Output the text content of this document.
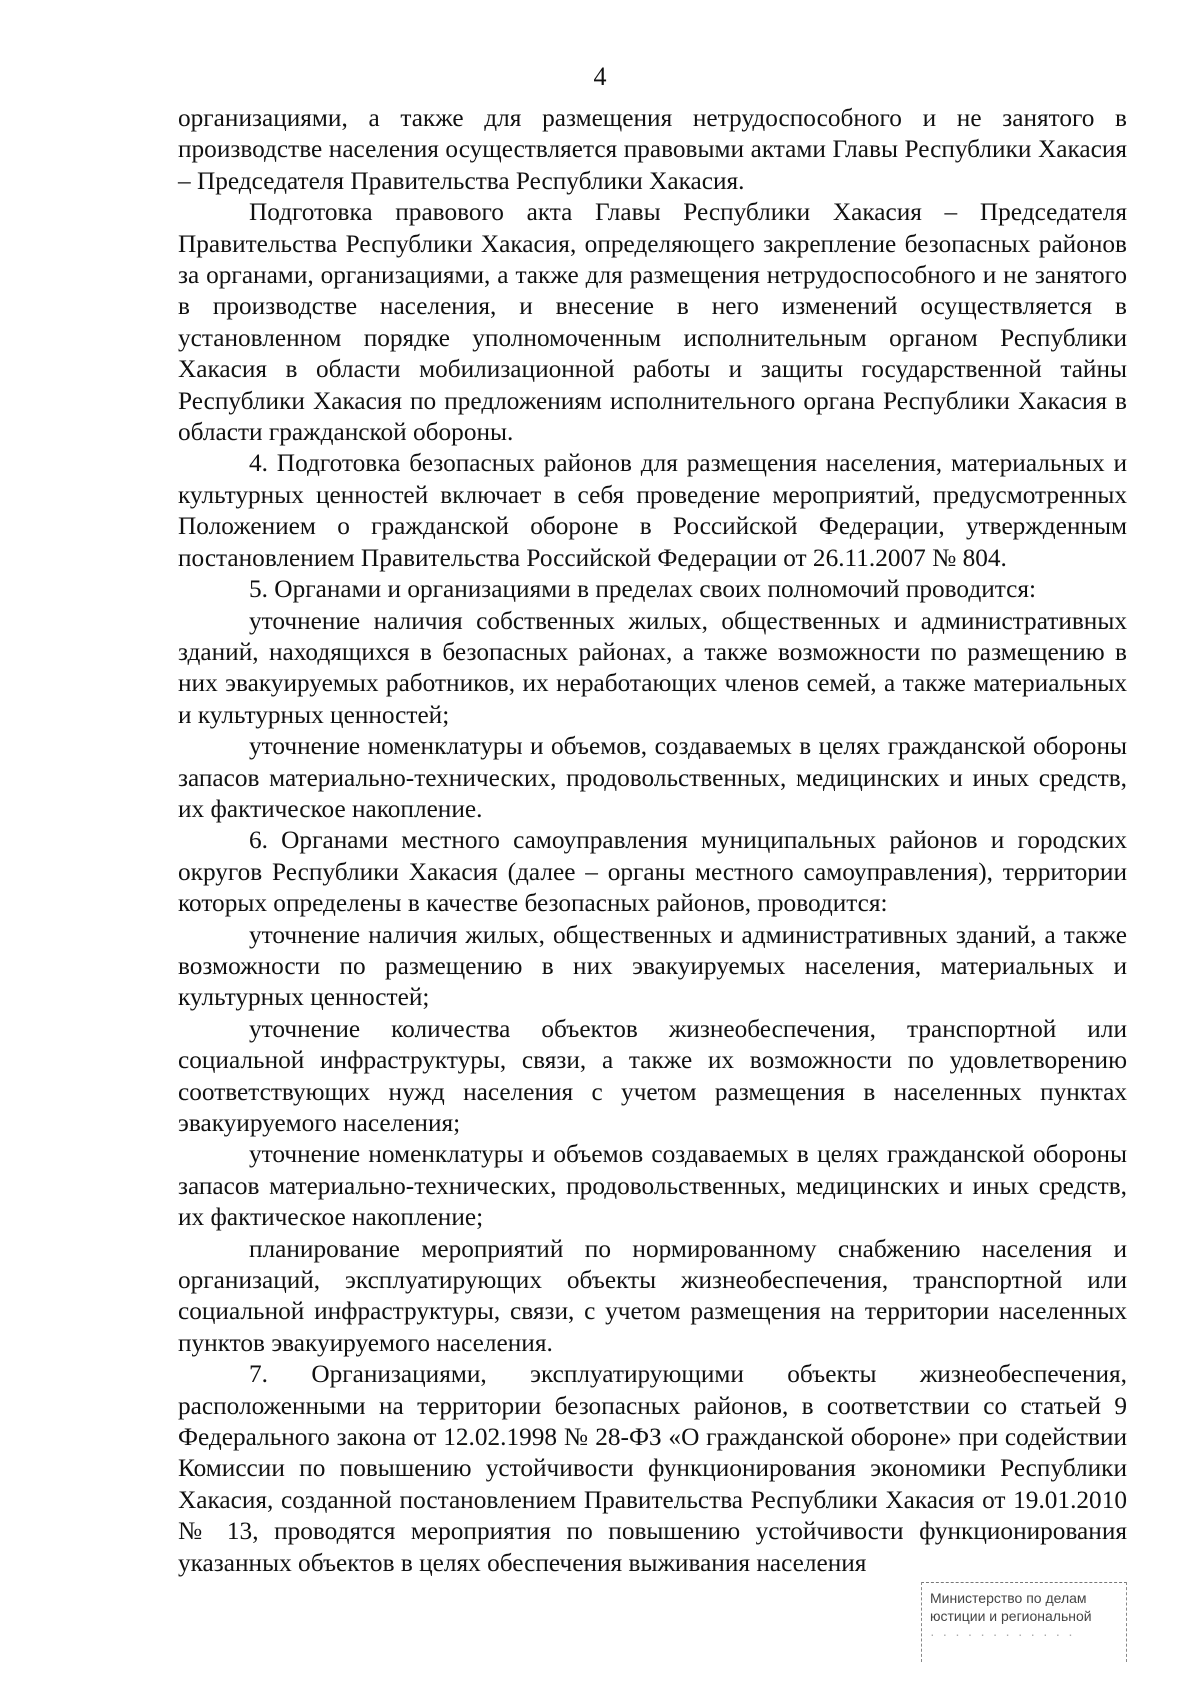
4

организациями, а также для размещения нетрудоспособного и не занятого в производстве населения осуществляется правовыми актами Главы Республики Хакасия – Председателя Правительства Республики Хакасия.

Подготовка правового акта Главы Республики Хакасия – Председателя Правительства Республики Хакасия, определяющего закрепление безопасных районов за органами, организациями, а также для размещения нетрудоспособного и не занятого в производстве населения, и внесение в него изменений осуществляется в установленном порядке уполномоченным исполнительным органом Республики Хакасия в области мобилизационной работы и защиты государственной тайны Республики Хакасия по предложениям исполнительного органа Республики Хакасия в области гражданской обороны.

4. Подготовка безопасных районов для размещения населения, материальных и культурных ценностей включает в себя проведение мероприятий, предусмотренных Положением о гражданской обороне в Российской Федерации, утвержденным постановлением Правительства Российской Федерации от 26.11.2007 № 804.

5. Органами и организациями в пределах своих полномочий проводится:

уточнение наличия собственных жилых, общественных и административных зданий, находящихся в безопасных районах, а также возможности по размещению в них эвакуируемых работников, их неработающих членов семей, а также материальных и культурных ценностей;

уточнение номенклатуры и объемов, создаваемых в целях гражданской обороны запасов материально-технических, продовольственных, медицинских и иных средств, их фактическое накопление.

6. Органами местного самоуправления муниципальных районов и городских округов Республики Хакасия (далее – органы местного самоуправления), территории которых определены в качестве безопасных районов, проводится:

уточнение наличия жилых, общественных и административных зданий, а также возможности по размещению в них эвакуируемых населения, материальных и культурных ценностей;

уточнение количества объектов жизнеобеспечения, транспортной или социальной инфраструктуры, связи, а также их возможности по удовлетворению соответствующих нужд населения с учетом размещения в населенных пунктах эвакуируемого населения;

уточнение номенклатуры и объемов создаваемых в целях гражданской обороны запасов материально-технических, продовольственных, медицинских и иных средств, их фактическое накопление;

планирование мероприятий по нормированному снабжению населения и организаций, эксплуатирующих объекты жизнеобеспечения, транспортной или социальной инфраструктуры, связи, с учетом размещения на территории населенных пунктов эвакуируемого населения.

7. Организациями, эксплуатирующими объекты жизнеобеспечения, расположенными на территории безопасных районов, в соответствии со статьей 9 Федерального закона от 12.02.1998 № 28-ФЗ «О гражданской обороне» при содействии Комиссии по повышению устойчивости функционирования экономики Республики Хакасия, созданной постановлением Правительства Республики Хакасия от 19.01.2010 № 13, проводятся мероприятия по повышению устойчивости функционирования указанных объектов в целях обеспечения выживания населения

Министерство по делам
юстиции и региональной
· · · · · · · · · · · ·
